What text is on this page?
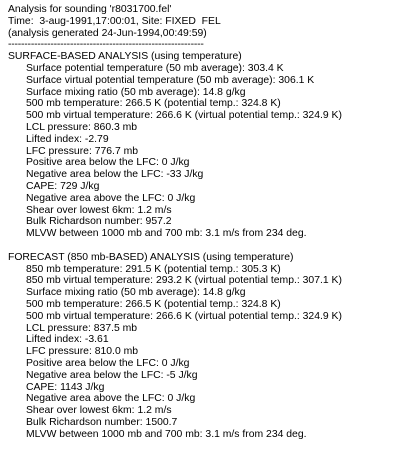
Analysis for sounding 'r8031700.fel'
Time:  3-aug-1991,17:00:01, Site: FIXED  FEL
(analysis generated 24-Jun-1994,00:49:59)
------------------------------------------------------------
SURFACE-BASED ANALYSIS (using temperature)
Surface potential temperature (50 mb average): 303.4 K
Surface virtual potential temperature (50 mb average): 306.1 K
Surface mixing ratio (50 mb average): 14.8 g/kg
500 mb temperature: 266.5 K (potential temp.: 324.8 K)
500 mb virtual temperature: 266.6 K (virtual potential temp.: 324.9 K)
LCL pressure: 860.3 mb
Lifted index: -2.79
LFC pressure: 776.7 mb
Positive area below the LFC: 0 J/kg
Negative area below the LFC: -33 J/kg
CAPE: 729 J/kg
Negative area above the LFC: 0 J/kg
Shear over lowest 6km: 1.2 m/s
Bulk Richardson number: 957.2
MLVW between 1000 mb and 700 mb: 3.1 m/s from 234 deg.
FORECAST (850 mb-BASED) ANALYSIS (using temperature)
850 mb temperature: 291.5 K (potential temp.: 305.3 K)
850 mb virtual temperature: 293.2 K (virtual potential temp.: 307.1 K)
Surface mixing ratio (50 mb average): 14.8 g/kg
500 mb temperature: 266.5 K (potential temp.: 324.8 K)
500 mb virtual temperature: 266.6 K (virtual potential temp.: 324.9 K)
LCL pressure: 837.5 mb
Lifted index: -3.61
LFC pressure: 810.0 mb
Positive area below the LFC: 0 J/kg
Negative area below the LFC: -5 J/kg
CAPE: 1143 J/kg
Negative area above the LFC: 0 J/kg
Shear over lowest 6km: 1.2 m/s
Bulk Richardson number: 1500.7
MLVW between 1000 mb and 700 mb: 3.1 m/s from 234 deg.
